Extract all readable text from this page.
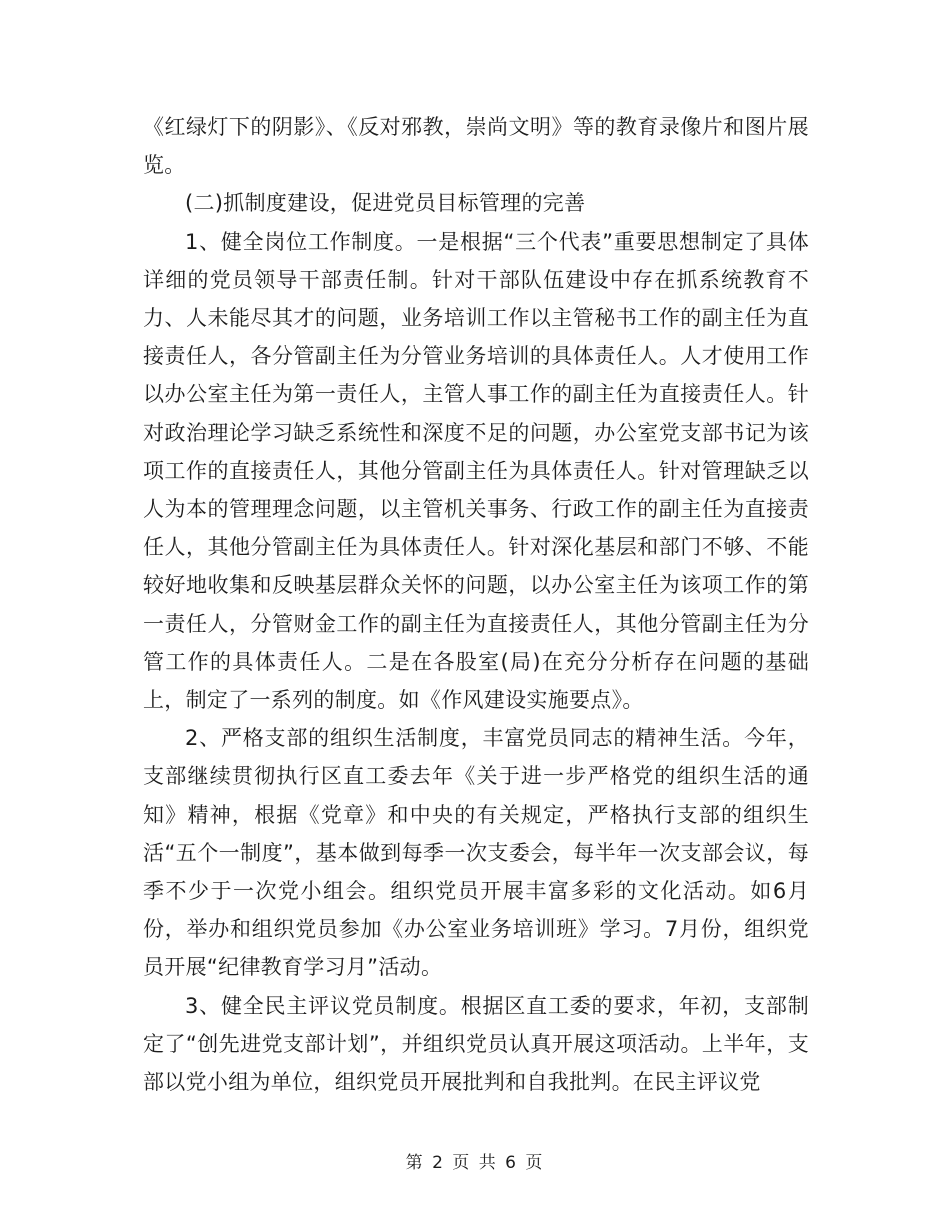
《红绿灯下的阴影》、《反对邪教，崇尚文明》等的教育录像片和图片展览。

(二)抓制度建设，促进党员目标管理的完善

1、健全岗位工作制度。一是根据“三个代表”重要思想制定了具体详细的党员领导干部责任制。针对干部队伍建设中存在抓系统教育不力、人未能尽其才的问题，业务培训工作以主管秘书工作的副主任为直接责任人，各分管副主任为分管业务培训的具体责任人。人才使用工作以办公室主任为第一责任人，主管人事工作的副主任为直接责任人。针对政治理论学习缺乏系统性和深度不足的问题，办公室党支部书记为该项工作的直接责任人，其他分管副主任为具体责任人。针对管理缺乏以人为本的管理理念问题，以主管机关事务、行政工作的副主任为直接责任人，其他分管副主任为具体责任人。针对深化基层和部门不够、不能较好地收集和反映基层群众关怀的问题，以办公室主任为该项工作的第一责任人，分管财金工作的副主任为直接责任人，其他分管副主任为分管工作的具体责任人。二是在各股室(局)在充分分析存在问题的基础上，制定了一系列的制度。如《作风建设实施要点》。

2、严格支部的组织生活制度，丰富党员同志的精神生活。今年，支部继续贯彻执行区直工委去年《关于进一步严格党的组织生活的通知》精神，根据《党章》和中央的有关规定，严格执行支部的组织生活“五个一制度”，基本做到每季一次支委会，每半年一次支部会议，每季不少于一次党小组会。组织党员开展丰富多彩的文化活动。如6月份，举办和组织党员参加《办公室业务培训班》学习。7月份，组织党员开展“纪律教育学习月”活动。

3、健全民主评议党员制度。根据区直工委的要求，年初，支部制定了“创先进党支部计划”，并组织党员认真开展这项活动。上半年，支部以党小组为单位，组织党员开展批判和自我批判。在民主评议党

第 2 页 共 6 页
